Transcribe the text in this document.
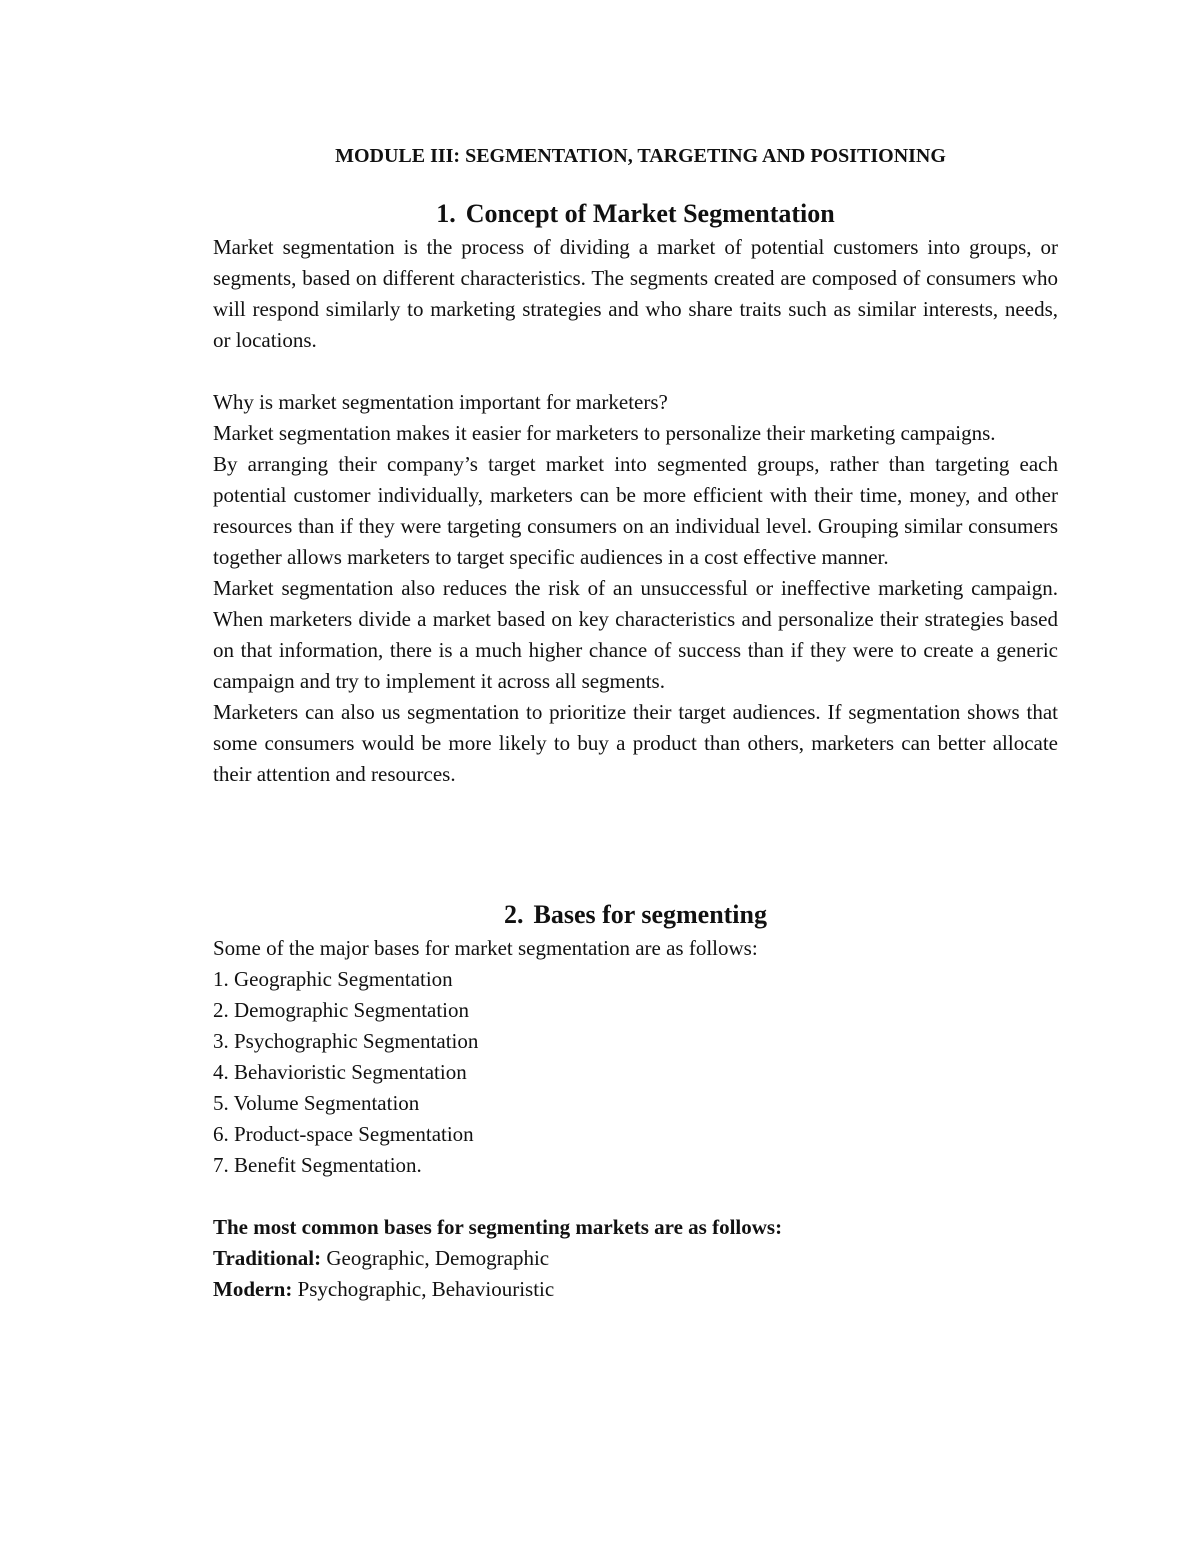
MODULE III: SEGMENTATION, TARGETING AND POSITIONING

1. Concept of Market Segmentation

Market segmentation is the process of dividing a market of potential customers into groups, or segments, based on different characteristics. The segments created are composed of consumers who will respond similarly to marketing strategies and who share traits such as similar interests, needs, or locations.

Why is market segmentation important for marketers?

Market segmentation makes it easier for marketers to personalize their marketing campaigns.

By arranging their company’s target market into segmented groups, rather than targeting each potential customer individually, marketers can be more efficient with their time, money, and other resources than if they were targeting consumers on an individual level. Grouping similar consumers together allows marketers to target specific audiences in a cost effective manner.

Market segmentation also reduces the risk of an unsuccessful or ineffective marketing campaign. When marketers divide a market based on key characteristics and personalize their strategies based on that information, there is a much higher chance of success than if they were to create a generic campaign and try to implement it across all segments.

Marketers can also us segmentation to prioritize their target audiences. If segmentation shows that some consumers would be more likely to buy a product than others, marketers can better allocate their attention and resources.

2. Bases for segmenting

Some of the major bases for market segmentation are as follows:

1. Geographic Segmentation
2. Demographic Segmentation
3. Psychographic Segmentation
4. Behavioristic Segmentation
5. Volume Segmentation
6. Product-space Segmentation
7. Benefit Segmentation.

The most common bases for segmenting markets are as follows:

Traditional: Geographic, Demographic

Modern: Psychographic, Behaviouristic
